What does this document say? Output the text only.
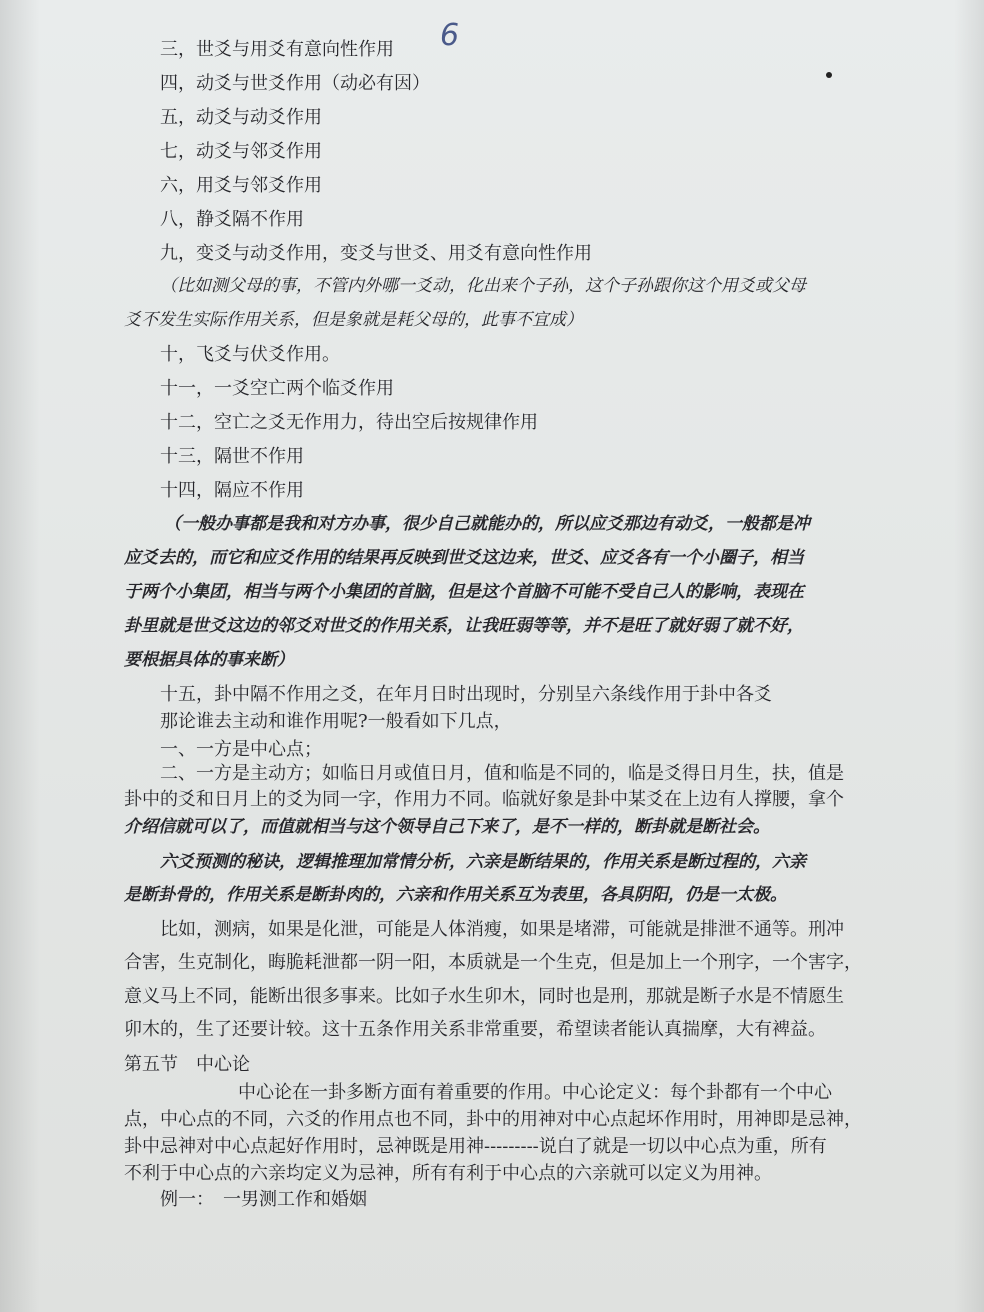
6
三，世爻与用爻有意向性作用
四，动爻与世爻作用（动必有因）
五，动爻与动爻作用
七，动爻与邻爻作用
六，用爻与邻爻作用
八，静爻隔不作用
九，变爻与动爻作用，变爻与世爻、用爻有意向性作用
（比如测父母的事，不管内外哪一爻动，化出来个子孙，这个子孙跟你这个用爻或父母
爻不发生实际作用关系，但是象就是耗父母的，此事不宜成）
十，飞爻与伏爻作用。
十一，一爻空亡两个临爻作用
十二，空亡之爻无作用力，待出空后按规律作用
十三，隔世不作用
十四，隔应不作用
（一般办事都是我和对方办事，很少自己就能办的，所以应爻那边有动爻，一般都是冲
应爻去的，而它和应爻作用的结果再反映到世爻这边来，世爻、应爻各有一个小圈子，相当
于两个小集团，相当与两个小集团的首脑，但是这个首脑不可能不受自己人的影响，表现在
卦里就是世爻这边的邻爻对世爻的作用关系，让我旺弱等等，并不是旺了就好弱了就不好，
要根据具体的事来断）
十五，卦中隔不作用之爻，在年月日时出现时，分别呈六条线作用于卦中各爻
那论谁去主动和谁作用呢?一般看如下几点，
一、一方是中心点；
二、一方是主动方；如临日月或值日月，值和临是不同的，临是爻得日月生，扶，值是
卦中的爻和日月上的爻为同一字，作用力不同。临就好象是卦中某爻在上边有人撑腰，拿个
介绍信就可以了，而值就相当与这个领导自己下来了，是不一样的，断卦就是断社会。
六爻预测的秘诀，逻辑推理加常情分析，六亲是断结果的，作用关系是断过程的，六亲
是断卦骨的，作用关系是断卦肉的，六亲和作用关系互为表里，各具阴阳，仍是一太极。
比如，测病，如果是化泄，可能是人体消瘦，如果是堵滞，可能就是排泄不通等。刑冲
合害，生克制化，晦脆耗泄都一阴一阳，本质就是一个生克，但是加上一个刑字，一个害字，
意义马上不同，能断出很多事来。比如子水生卯木，同时也是刑，那就是断子水是不情愿生
卯木的，生了还要计较。这十五条作用关系非常重要，希望读者能认真揣摩，大有裨益。
第五节　中心论
中心论在一卦多断方面有着重要的作用。中心论定义：每个卦都有一个中心
点，中心点的不同，六爻的作用点也不同，卦中的用神对中心点起坏作用时，用神即是忌神，
卦中忌神对中心点起好作用时，忌神既是用神---------说白了就是一切以中心点为重，所有
不利于中心点的六亲均定义为忌神，所有有利于中心点的六亲就可以定义为用神。
例一：　一男测工作和婚姻
